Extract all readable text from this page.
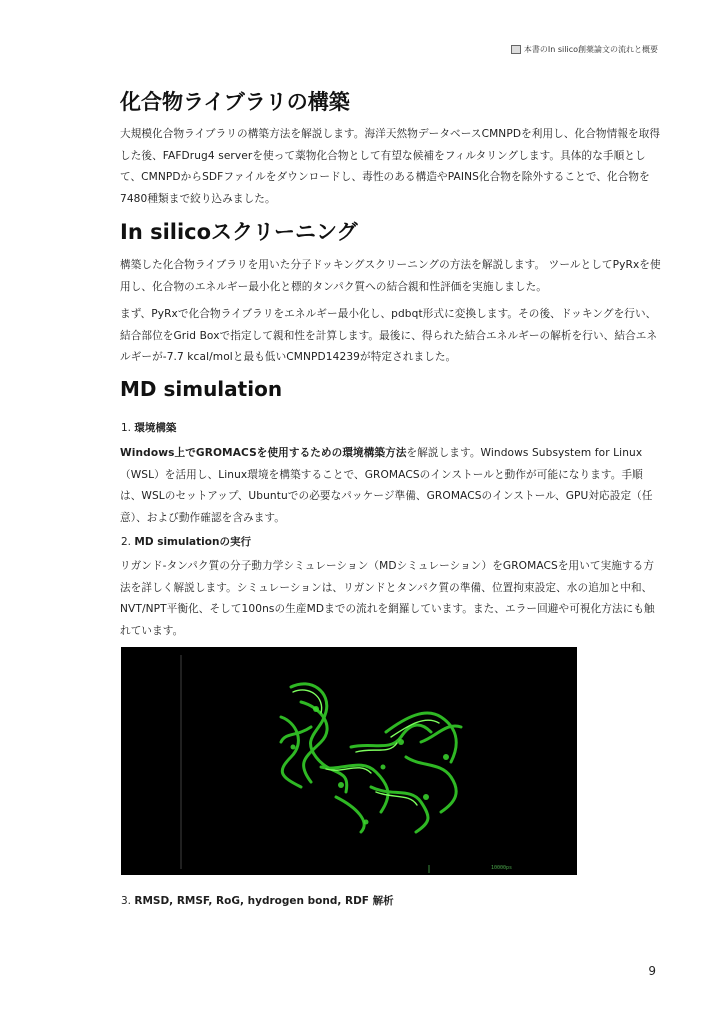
本書のIn silico創薬論文の流れと概要
化合物ライブラリの構築

大規模化合物ライブラリの構築方法を解説します。海洋天然物データベースCMNPDを利用し、化合物情報を取得した後、FAFDrug4 serverを使って薬物化合物として有望な候補をフィルタリングします。具体的な手順として、CMNPDからSDFファイルをダウンロードし、毒性のある構造やPAINS化合物を除外することで、化合物を7480種類まで絞り込みました。

In silicoスクリーニング

構築した化合物ライブラリを用いた分子ドッキングスクリーニングの方法を解説します。 ツールとしてPyRxを使用し、化合物のエネルギー最小化と標的タンパク質への結合親和性評価を実施しました。

まず、PyRxで化合物ライブラリをエネルギー最小化し、pdbqt形式に変換します。その後、ドッキングを行い、結合部位をGrid Boxで指定して親和性を計算します。最後に、得られた結合エネルギーの解析を行い、結合エネルギーが-7.7 kcal/molと最も低いCMNPD14239が特定されました。

MD simulation

1. 環境構築

Windows上でGROMACSを使用するための環境構築方法を解説します。Windows Subsystem for Linux（WSL）を活用し、Linux環境を構築することで、GROMACSのインストールと動作が可能になります。手順は、WSLのセットアップ、Ubuntuでの必要なパッケージ準備、GROMACSのインストール、GPU対応設定（任意）、および動作確認を含みます。

2. MD simulationの実行

リガンド-タンパク質の分子動力学シミュレーション（MDシミュレーション）をGROMACSを用いて実施する方法を詳しく解説します。シミュレーションは、リガンドとタンパク質の準備、位置拘束設定、水の追加と中和、NVT/NPT平衡化、そして100nsの生産MDまでの流れを網羅しています。また、エラー回避や可視化方法にも触れています。

10000ps

3. RMSD, RMSF, RoG, hydrogen bond, RDF 解析

9
